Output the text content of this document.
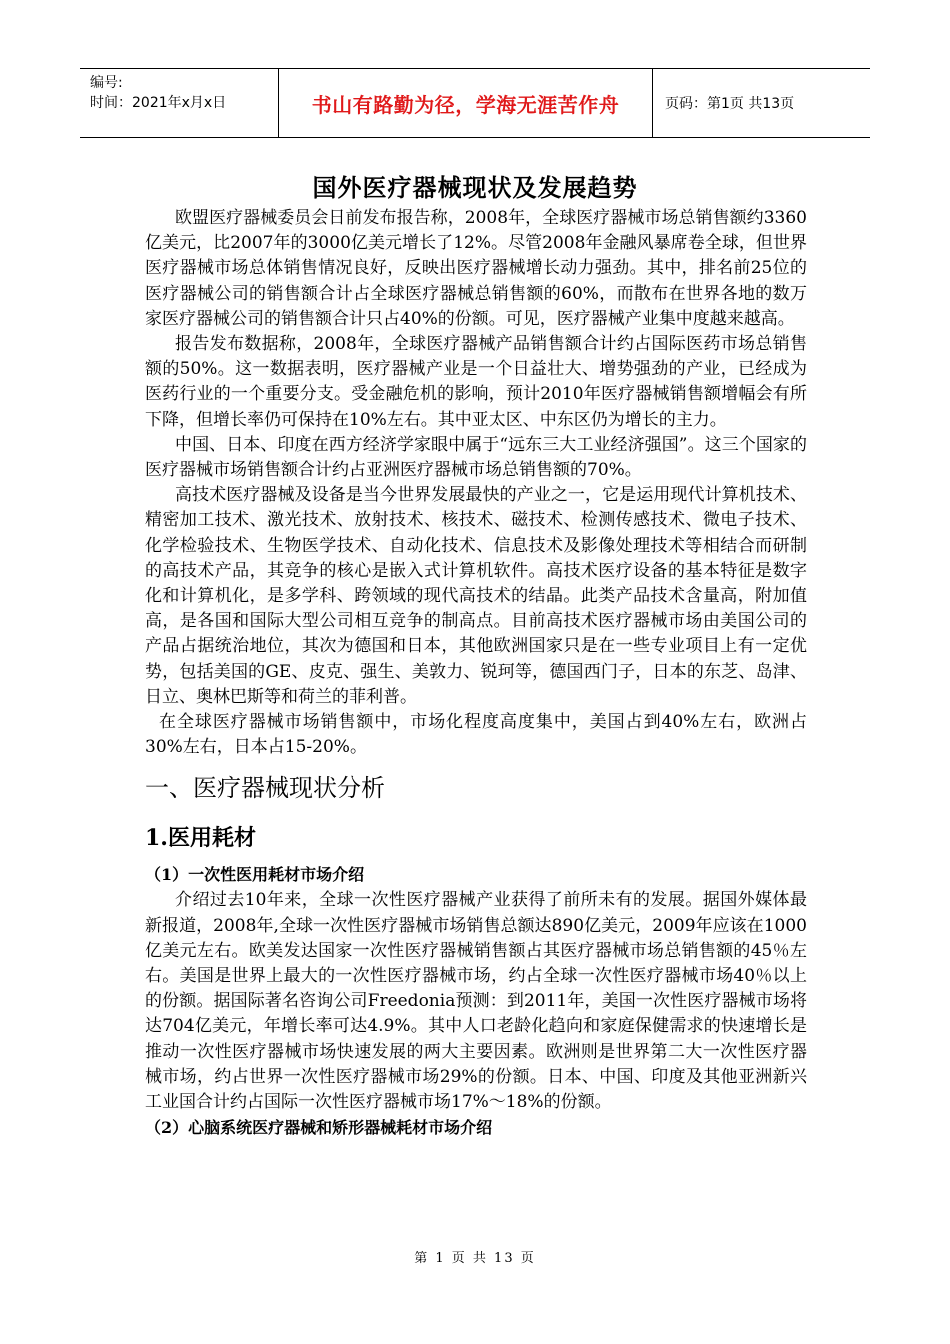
编号:
时间：2021年x月x日	书山有路勤为径，学海无涯苦作舟	页码：第1页 共13页
国外医疗器械现状及发展趋势

欧盟医疗器械委员会日前发布报告称，2008年，全球医疗器械市场总销售额约3360亿美元，比2007年的3000亿美元增长了12%。尽管2008年金融风暴席卷全球，但世界医疗器械市场总体销售情况良好，反映出医疗器械增长动力强劲。其中，排名前25位的医疗器械公司的销售额合计占全球医疗器械总销售额的60%，而散布在世界各地的数万家医疗器械公司的销售额合计只占40%的份额。可见，医疗器械产业集中度越来越高。

报告发布数据称，2008年，全球医疗器械产品销售额合计约占国际医药市场总销售额的50%。这一数据表明，医疗器械产业是一个日益壮大、增势强劲的产业，已经成为医药行业的一个重要分支。受金融危机的影响，预计2010年医疗器械销售额增幅会有所下降，但增长率仍可保持在10%左右。其中亚太区、中东区仍为增长的主力。

中国、日本、印度在西方经济学家眼中属于“远东三大工业经济强国”。这三个国家的医疗器械市场销售额合计约占亚洲医疗器械市场总销售额的70%。

高技术医疗器械及设备是当今世界发展最快的产业之一，它是运用现代计算机技术、精密加工技术、激光技术、放射技术、核技术、磁技术、检测传感技术、微电子技术、化学检验技术、生物医学技术、自动化技术、信息技术及影像处理技术等相结合而研制的高技术产品，其竞争的核心是嵌入式计算机软件。高技术医疗设备的基本特征是数字化和计算机化，是多学科、跨领域的现代高技术的结晶。此类产品技术含量高，附加值高，是各国和国际大型公司相互竞争的制高点。目前高技术医疗器械市场由美国公司的产品占据统治地位，其次为德国和日本，其他欧洲国家只是在一些专业项目上有一定优势，包括美国的GE、皮克、强生、美敦力、锐珂等，德国西门子，日本的东芝、岛津、日立、奥林巴斯等和荷兰的菲利普。

在全球医疗器械市场销售额中，市场化程度高度集中，美国占到40%左右，欧洲占30%左右，日本占15-20%。

一、医疗器械现状分析
1.医用耗材
（1）一次性医用耗材市场介绍

介绍过去10年来，全球一次性医疗器械产业获得了前所未有的发展。据国外媒体最新报道，2008年,全球一次性医疗器械市场销售总额达890亿美元，2009年应该在1000亿美元左右。欧美发达国家一次性医疗器械销售额占其医疗器械市场总销售额的45％左右。美国是世界上最大的一次性医疗器械市场，约占全球一次性医疗器械市场40％以上的份额。据国际著名咨询公司Freedonia预测：到2011年，美国一次性医疗器械市场将达704亿美元，年增长率可达4.9%。其中人口老龄化趋向和家庭保健需求的快速增长是推动一次性医疗器械市场快速发展的两大主要因素。欧洲则是世界第二大一次性医疗器械市场，约占世界一次性医疗器械市场29%的份额。日本、中国、印度及其他亚洲新兴工业国合计约占国际一次性医疗器械市场17%～18%的份额。

（2）心脑系统医疗器械和矫形器械耗材市场介绍
第 1 页 共 13 页
